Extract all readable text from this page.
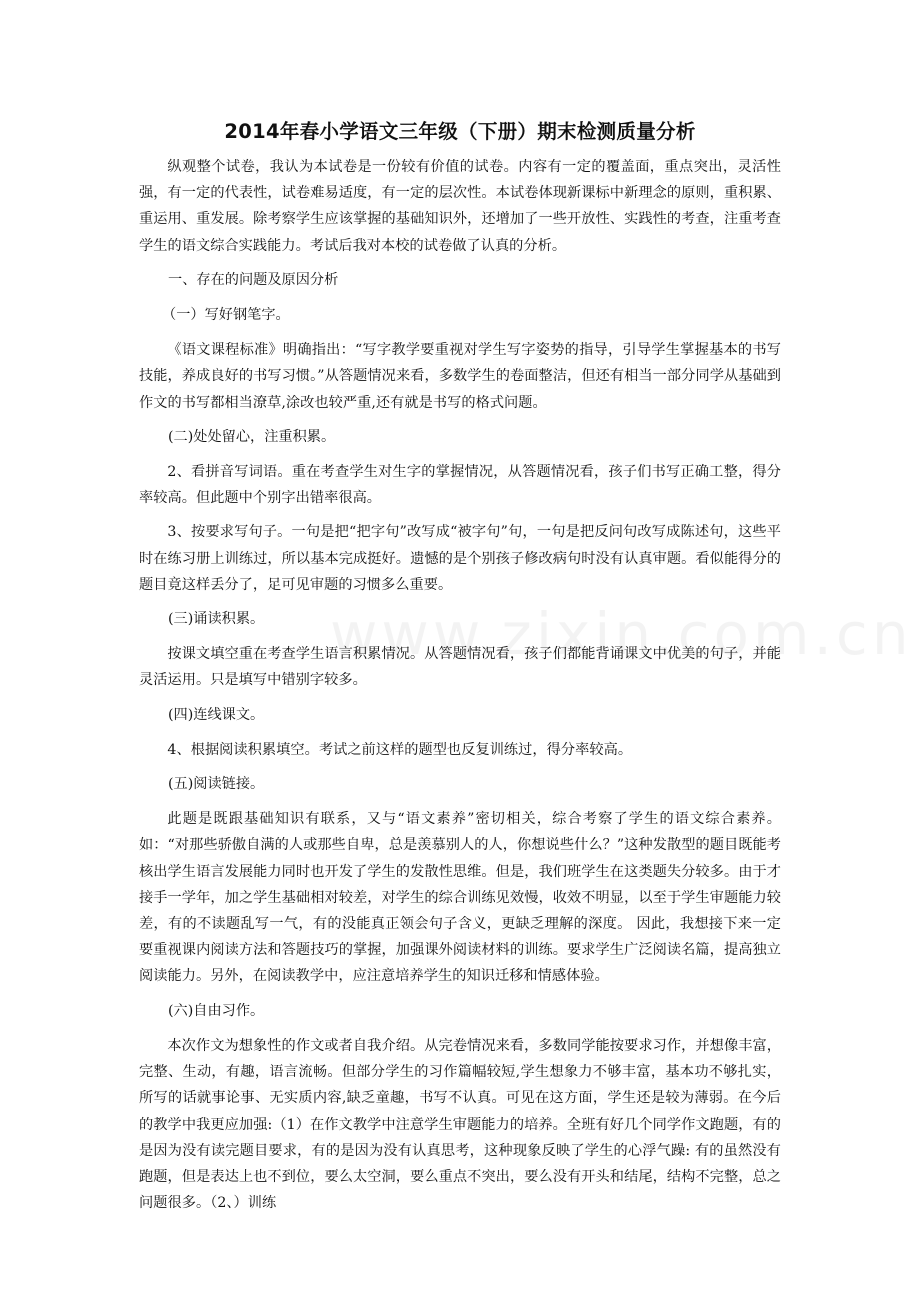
2014年春小学语文三年级（下册）期末检测质量分析

纵观整个试卷，我认为本试卷是一份较有价值的试卷。内容有一定的覆盖面，重点突出，灵活性强，有一定的代表性，试卷难易适度，有一定的层次性。本试卷体现新课标中新理念的原则，重积累、重运用、重发展。除考察学生应该掌握的基础知识外，还增加了一些开放性、实践性的考查，注重考查学生的语文综合实践能力。考试后我对本校的试卷做了认真的分析。

一、存在的问题及原因分析

（一）写好钢笔字。

《语文课程标准》明确指出：“写字教学要重视对学生写字姿势的指导，引导学生掌握基本的书写技能，养成良好的书写习惯。”从答题情况来看，多数学生的卷面整洁，但还有相当一部分同学从基础到作文的书写都相当潦草,涂改也较严重,还有就是书写的格式问题。

(二)处处留心，注重积累。

2、看拼音写词语。重在考查学生对生字的掌握情况，从答题情况看，孩子们书写正确工整，得分率较高。但此题中个别字出错率很高。

3、按要求写句子。一句是把“把字句”改写成“被字句”句，一句是把反问句改写成陈述句，这些平时在练习册上训练过，所以基本完成挺好。遗憾的是个别孩子修改病句时没有认真审题。看似能得分的题目竟这样丢分了，足可见审题的习惯多么重要。

(三)诵读积累。

按课文填空重在考查学生语言积累情况。从答题情况看，孩子们都能背诵课文中优美的句子，并能灵活运用。只是填写中错别字较多。

(四)连线课文。

4、根据阅读积累填空。考试之前这样的题型也反复训练过，得分率较高。

(五)阅读链接。

此题是既跟基础知识有联系，又与“语文素养”密切相关，综合考察了学生的语文综合素养。如：“对那些骄傲自满的人或那些自卑，总是羡慕别人的人，你想说些什么？”这种发散型的题目既能考核出学生语言发展能力同时也开发了学生的发散性思维。但是，我们班学生在这类题失分较多。由于才接手一学年，加之学生基础相对较差，对学生的综合训练见效慢，收效不明显，以至于学生审题能力较差，有的不读题乱写一气，有的没能真正领会句子含义，更缺乏理解的深度。 因此，我想接下来一定要重视课内阅读方法和答题技巧的掌握，加强课外阅读材料的训练。要求学生广泛阅读名篇，提高独立阅读能力。另外，在阅读教学中，应注意培养学生的知识迁移和情感体验。

(六)自由习作。

本次作文为想象性的作文或者自我介绍。从完卷情况来看，多数同学能按要求习作，并想像丰富，完整、生动，有趣，语言流畅。但部分学生的习作篇幅较短,学生想象力不够丰富，基本功不够扎实，所写的话就事论事、无实质内容,缺乏童趣，书写不认真。可见在这方面，学生还是较为薄弱。在今后的教学中我更应加强:（1）在作文教学中注意学生审题能力的培养。全班有好几个同学作文跑题，有的是因为没有读完题目要求，有的是因为没有认真思考，这种现象反映了学生的心浮气躁: 有的虽然没有跑题，但是表达上也不到位，要么太空洞，要么重点不突出，要么没有开头和结尾，结构不完整，总之问题很多。（2、）训练
